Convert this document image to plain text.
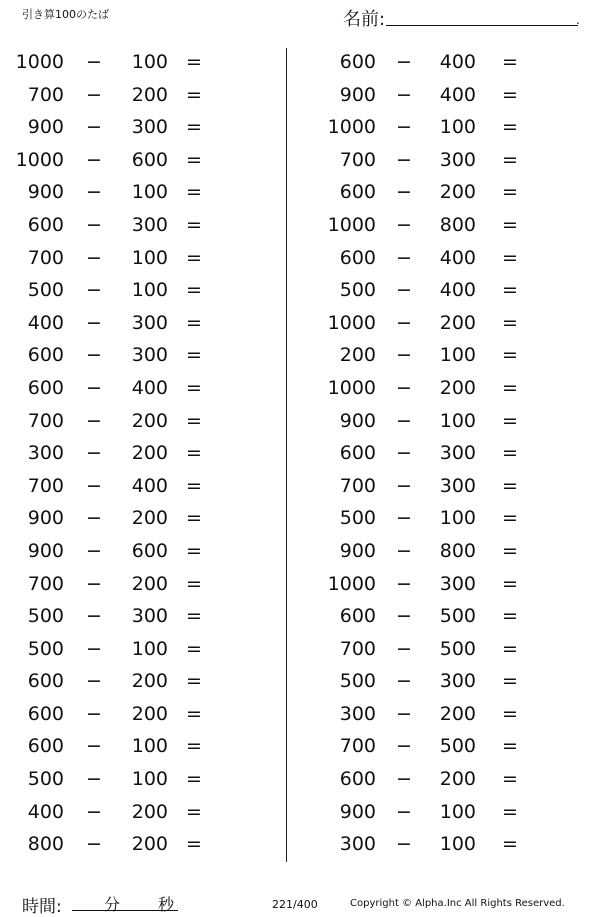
引き算100のたば	名前:	.
1000 −	100 =
700 −	200 =
900 −	300 =
1000 −	600 =
900 −	100 =
600 −	300 =
700 −	100 =
500 −	100 =
400 −	300 =
600 −	300 =
600 −	400 =
700 −	200 =
300 −	200 =
700 −	400 =
900 −	200 =
900 −	600 =
700 −	200 =
500 −	300 =
500 −	100 =
600 −	200 =
600 −	200 =
600 −	100 =
500 −	100 =
400 −	200 =
800 −	200 =
600 −	400 =
900 −	400 =
1000 −	100 =
700 −	300 =
600 −	200 =
1000 −	800 =
600 −	400 =
500 −	400 =
1000 −	200 =
200 −	100 =
1000 −	200 =
900 −	100 =
600 −	300 =
700 −	300 =
500 −	100 =
900 −	800 =
1000 −	300 =
600 −	500 =
700 −	500 =
500 −	300 =
300 −	200 =
700 −	500 =
600 −	200 =
900 −	100 =
300 −	100 =
時間:	分 秒	221/400	Copyright © Alpha.Inc All Rights Reserved.
